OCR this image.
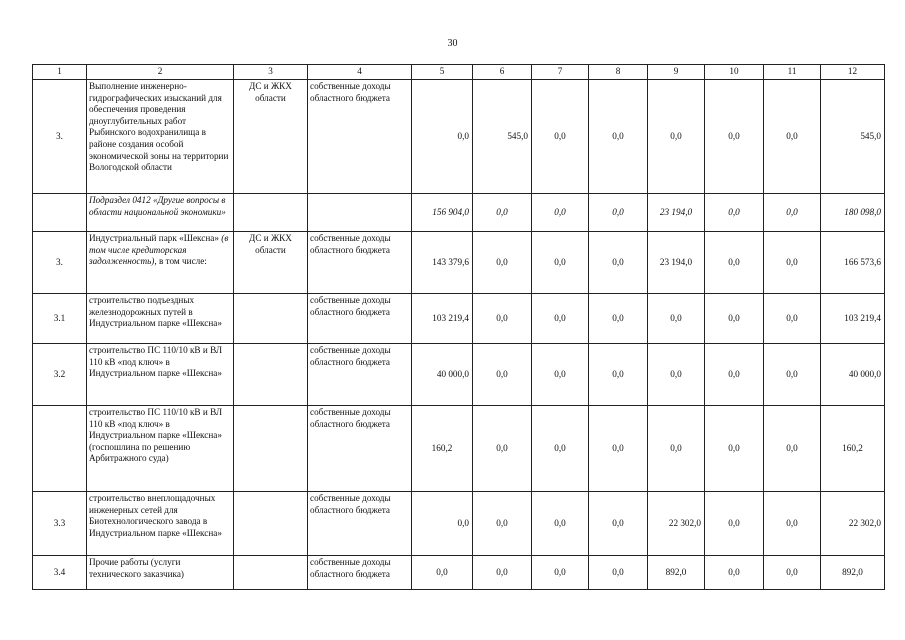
30
1	2	3	4	5	6	7	8	9	10	11	12
3.	Выполнение инженерно-гидрографических изысканий для обеспечения проведения дноуглубительных работ Рыбинского водохранилища в районе создания особой экономической зоны на территории Вологодской области	ДС и ЖКХ области	собственные доходы областного бюджета	0,0	545,0	0,0	0,0	0,0	0,0	0,0	545,0
	Подраздел 0412 «Другие вопросы в области национальной экономики»			156 904,0	0,0	0,0	0,0	23 194,0	0,0	0,0	180 098,0
3.	Индустриальный парк «Шексна» (в том числе кредиторская задолженность), в том числе:	ДС и ЖКХ области	собственные доходы областного бюджета	143 379,6	0,0	0,0	0,0	23 194,0	0,0	0,0	166 573,6
3.1	строительство подъездных железнодорожных путей в Индустриальном парке «Шексна»		собственные доходы областного бюджета	103 219,4	0,0	0,0	0,0	0,0	0,0	0,0	103 219,4
3.2	строительство ПС 110/10 кВ и ВЛ 110 кВ «под ключ» в Индустриальном парке «Шексна»		собственные доходы областного бюджета	40 000,0	0,0	0,0	0,0	0,0	0,0	0,0	40 000,0
	строительство ПС 110/10 кВ и ВЛ 110 кВ «под ключ» в Индустриальном парке «Шексна» (госпошлина по решению Арбитражного суда)		собственные доходы областного бюджета	160,2	0,0	0,0	0,0	0,0	0,0	0,0	160,2
3.3	строительство внеплощадочных инженерных сетей для Биотехнологического завода в Индустриальном парке «Шексна»		собственные доходы областного бюджета	0,0	0,0	0,0	0,0	22 302,0	0,0	0,0	22 302,0
3.4	Прочие работы (услуги технического заказчика)		собственные доходы областного бюджета	0,0	0,0	0,0	0,0	892,0	0,0	0,0	892,0
